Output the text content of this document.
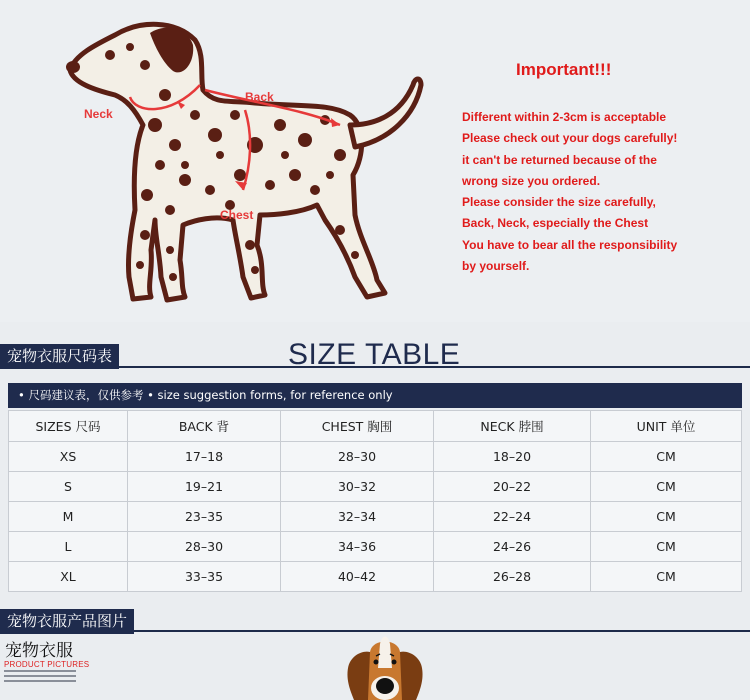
Neck
Back
Chest
Important!!!
Different within 2-3cm is acceptable
Please check out your dogs carefully!
it can't be returned because of the
wrong size you ordered.
Please consider the size carefully,
Back, Neck, especially the Chest
You have to bear all the responsibility
by yourself.
宠物衣服尺码表	SIZE TABLE
• 尺码建议表，仅供参考 • size suggestion forms, for reference only
SIZES 尺码	BACK 背	CHEST 胸围	NECK 脖围	UNIT 单位
XS	17–18	28–30	18–20	CM
S	19–21	30–32	20–22	CM
M	23–35	32–34	22–24	CM
L	28–30	34–36	24–26	CM
XL	33–35	40–42	26–28	CM
宠物衣服产品图片
宠物衣服
PRODUCT PICTURES
